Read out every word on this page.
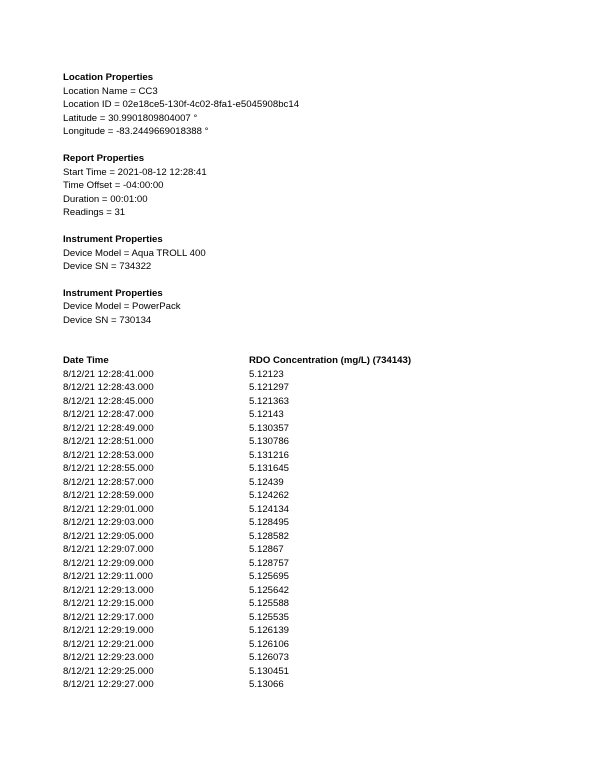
Location Properties
Location Name = CC3
Location ID = 02e18ce5-130f-4c02-8fa1-e5045908bc14
Latitude = 30.9901809804007 °
Longitude = -83.2449669018388 °
Report Properties
Start Time = 2021-08-12 12:28:41
Time Offset = -04:00:00
Duration = 00:01:00
Readings = 31
Instrument Properties
Device Model = Aqua TROLL 400
Device SN = 734322
Instrument Properties
Device Model = PowerPack
Device SN = 730134
Date Time	RDO Concentration (mg/L) (734143)
8/12/21 12:28:41.000	5.12123
8/12/21 12:28:43.000	5.121297
8/12/21 12:28:45.000	5.121363
8/12/21 12:28:47.000	5.12143
8/12/21 12:28:49.000	5.130357
8/12/21 12:28:51.000	5.130786
8/12/21 12:28:53.000	5.131216
8/12/21 12:28:55.000	5.131645
8/12/21 12:28:57.000	5.12439
8/12/21 12:28:59.000	5.124262
8/12/21 12:29:01.000	5.124134
8/12/21 12:29:03.000	5.128495
8/12/21 12:29:05.000	5.128582
8/12/21 12:29:07.000	5.12867
8/12/21 12:29:09.000	5.128757
8/12/21 12:29:11.000	5.125695
8/12/21 12:29:13.000	5.125642
8/12/21 12:29:15.000	5.125588
8/12/21 12:29:17.000	5.125535
8/12/21 12:29:19.000	5.126139
8/12/21 12:29:21.000	5.126106
8/12/21 12:29:23.000	5.126073
8/12/21 12:29:25.000	5.130451
8/12/21 12:29:27.000	5.13066
